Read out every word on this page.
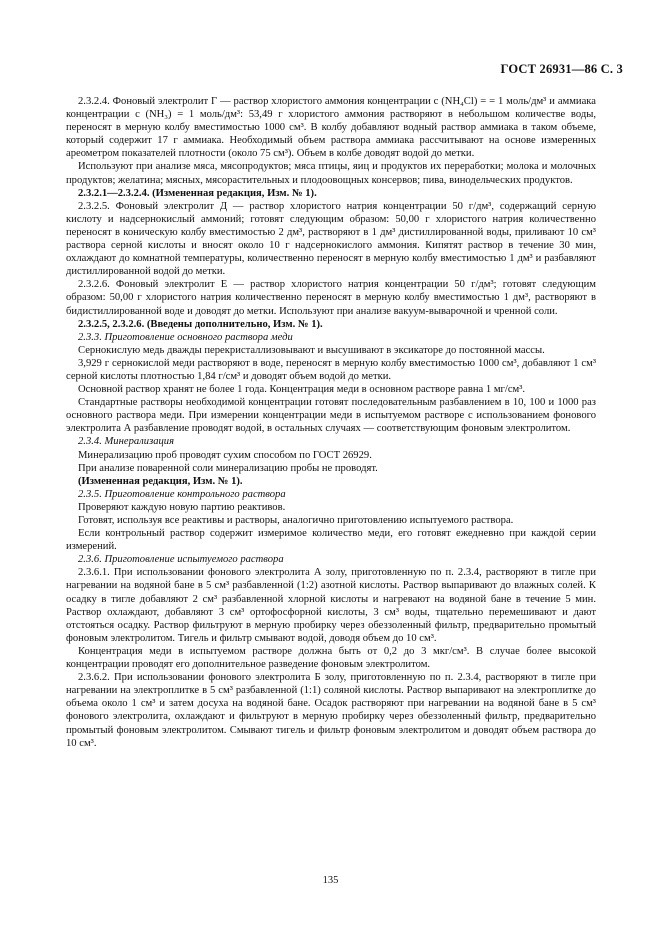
ГОСТ 26931—86 С. 3

2.3.2.4. Фоновый электролит Г — раствор хлористого аммония концентрации с (NH₄Cl) = = 1 моль/дм³ и аммиака концентрации с (NH₃) = 1 моль/дм³: 53,49 г хлористого аммония растворяют в небольшом количестве воды, переносят в мерную колбу вместимостью 1000 см³. В колбу добавляют водный раствор аммиака в таком объеме, который содержит 17 г аммиака. Необходимый объем раствора аммиака рассчитывают на основе измеренных ареометром показателей плотности (около 75 см³). Объем в колбе доводят водой до метки.

Используют при анализе мяса, мясопродуктов; мяса птицы, яиц и продуктов их переработки; молока и молочных продуктов; желатина; мясных, мясорастительных и плодоовощных консервов; пива, винодельческих продуктов.

2.3.2.1—2.3.2.4. (Измененная редакция, Изм. № 1).

2.3.2.5. Фоновый электролит Д — раствор хлористого натрия концентрации 50 г/дм³, содержащий серную кислоту и надсернокислый аммоний; готовят следующим образом: 50,00 г хлористого натрия количественно переносят в коническую колбу вместимостью 2 дм³, растворяют в 1 дм³ дистиллированной воды, приливают 10 см³ раствора серной кислоты и вносят около 10 г надсернокислого аммония. Кипятят раствор в течение 30 мин, охлаждают до комнатной температуры, количественно переносят в мерную колбу вместимостью 1 дм³ и разбавляют дистиллированной водой до метки.

2.3.2.6. Фоновый электролит Е — раствор хлористого натрия концентрации 50 г/дм³; готовят следующим образом: 50,00 г хлористого натрия количественно переносят в мерную колбу вместимостью 1 дм³, растворяют в бидистиллированной воде и доводят до метки. Используют при анализе вакуум-выварочной и чренной соли.

2.3.2.5, 2.3.2.6. (Введены дополнительно, Изм. № 1).

2.3.3. Приготовление основного раствора меди

Сернокислую медь дважды перекристаллизовывают и высушивают в эксикаторе до постоянной массы.

3,929 г сернокислой меди растворяют в воде, переносят в мерную колбу вместимостью 1000 см³, добавляют 1 см³ серной кислоты плотностью 1,84 г/см³ и доводят объем водой до метки.

Основной раствор хранят не более 1 года. Концентрация меди в основном растворе равна 1 мг/см³.

Стандартные растворы необходимой концентрации готовят последовательным разбавлением в 10, 100 и 1000 раз основного раствора меди. При измерении концентрации меди в испытуемом растворе с использованием фонового электролита А разбавление проводят водой, в остальных случаях — соответствующим фоновым электролитом.

2.3.4. Минерализация

Минерализацию проб проводят сухим способом по ГОСТ 26929.

При анализе поваренной соли минерализацию пробы не проводят.

(Измененная редакция, Изм. № 1).

2.3.5. Приготовление контрольного раствора

Проверяют каждую новую партию реактивов.

Готовят, используя все реактивы и растворы, аналогично приготовлению испытуемого раствора.

Если контрольный раствор содержит измеримое количество меди, его готовят ежедневно при каждой серии измерений.

2.3.6. Приготовление испытуемого раствора

2.3.6.1. При использовании фонового электролита А золу, приготовленную по п. 2.3.4, растворяют в тигле при нагревании на водяной бане в 5 см³ разбавленной (1:2) азотной кислоты. Раствор выпаривают до влажных солей. К осадку в тигле добавляют 2 см³ разбавленной хлорной кислоты и нагревают на водяной бане в течение 5 мин. Раствор охлаждают, добавляют 3 см³ ортофосфорной кислоты, 3 см³ воды, тщательно перемешивают и дают отстояться осадку. Раствор фильтруют в мерную пробирку через обеззоленный фильтр, предварительно промытый фоновым электролитом. Тигель и фильтр смывают водой, доводя объем до 10 см³.

Концентрация меди в испытуемом растворе должна быть от 0,2 до 3 мкг/см³. В случае более высокой концентрации проводят его дополнительное разведение фоновым электролитом.

2.3.6.2. При использовании фонового электролита Б золу, приготовленную по п. 2.3.4, растворяют в тигле при нагревании на электроплитке в 5 см³ разбавленной (1:1) соляной кислоты. Раствор выпаривают на электроплитке до объема около 1 см³ и затем досуха на водяной бане. Осадок растворяют при нагревании на водяной бане в 5 см³ фонового электролита, охлаждают и фильтруют в мерную пробирку через обеззоленный фильтр, предварительно промытый фоновым электролитом. Смывают тигель и фильтр фоновым электролитом и доводят объем раствора до 10 см³.

135
